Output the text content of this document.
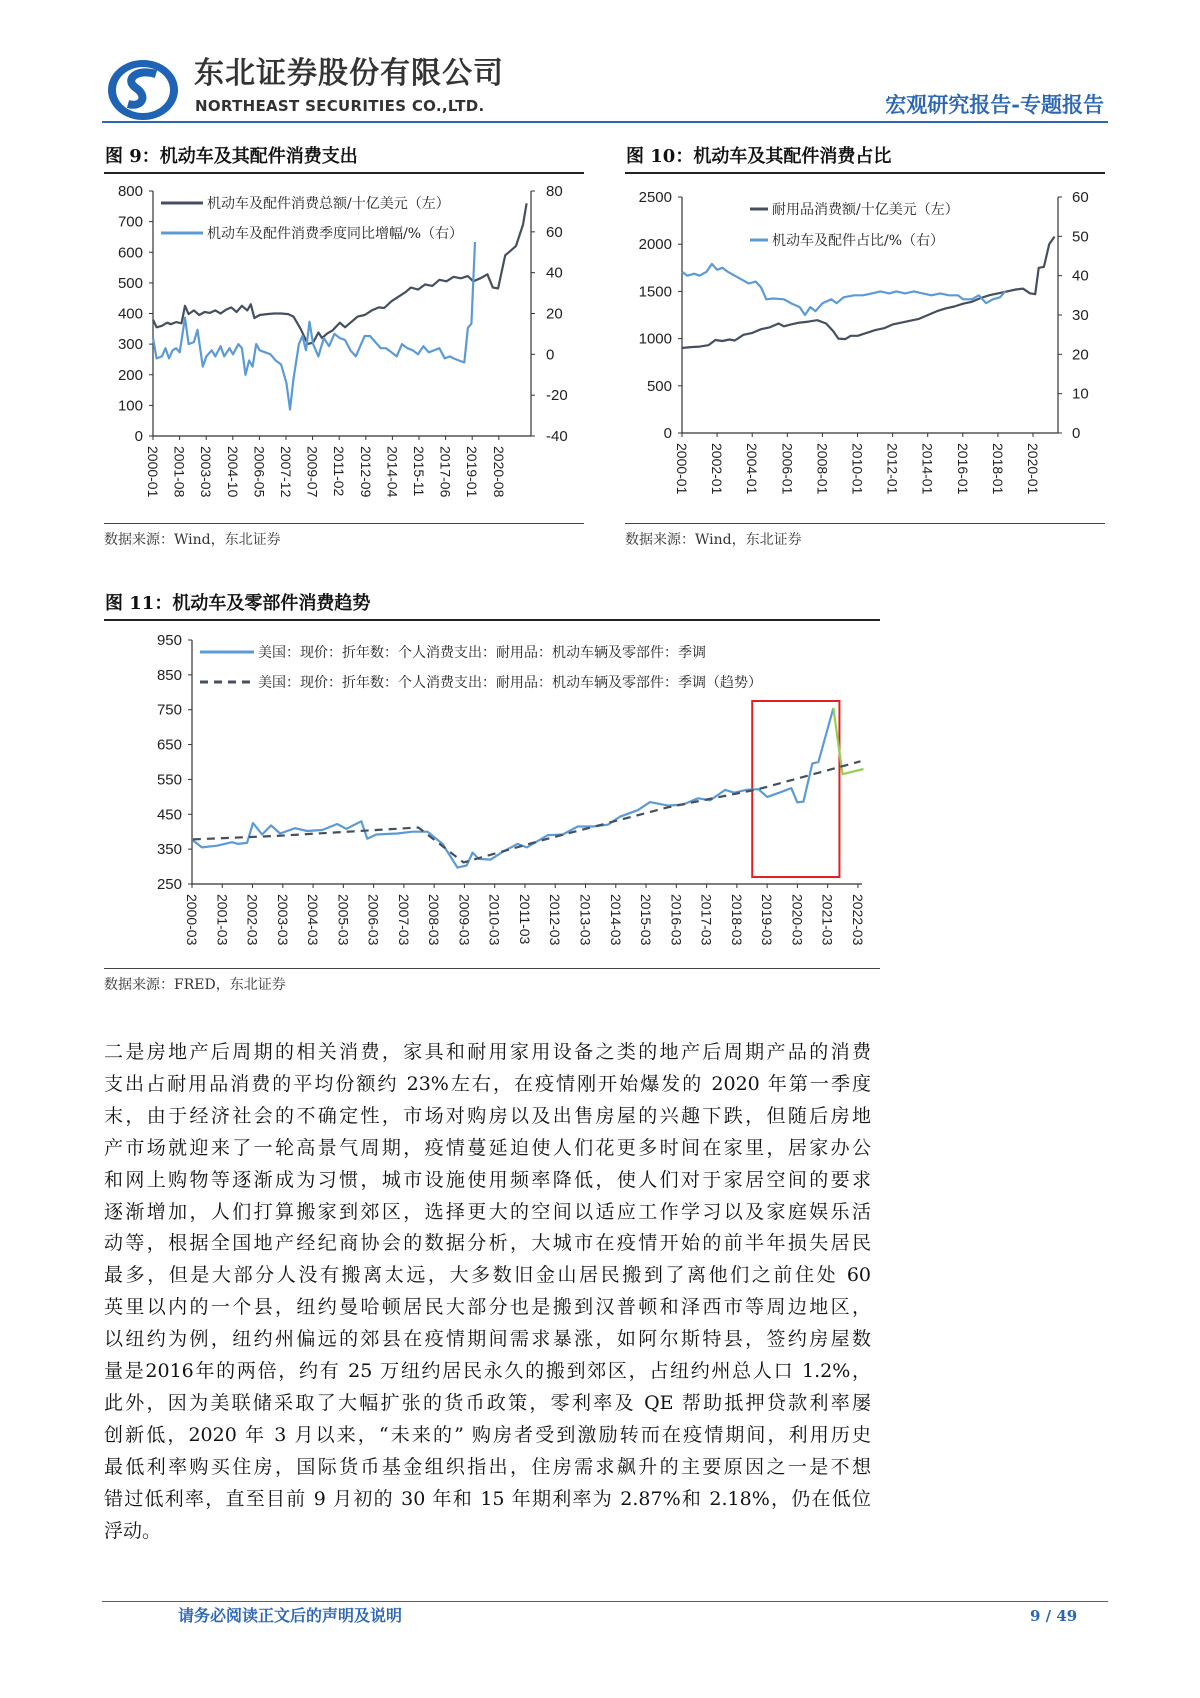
东北证券股份有限公司
NORTHEAST SECURITIES CO.,LTD.	宏观研究报告-专题报告
图 9：机动车及其配件消费支出
0
100
200
300
400
500
600
700
800
-40
-20
0
20
40
60
80
2000-01 2001-08 2003-03 2004-10 2006-05 2007-12 2009-07 2011-02 2012-09 2014-04 2015-11 2017-06 2019-01 2020-08
机动车及配件消费总额/十亿美元（左）
机动车及配件消费季度同比增幅/%（右）
数据来源：Wind，东北证券
图 10：机动车及其配件消费占比
0
500
1000
1500
2000
2500
0
10
20
30
40
50
60
2000-01 2002-01 2004-01 2006-01 2008-01 2010-01 2012-01 2014-01 2016-01 2018-01 2020-01
耐用品消费额/十亿美元（左）
机动车及配件占比/%（右）
数据来源：Wind，东北证券
图 11：机动车及零部件消费趋势
250
350
450
550
650
750
850
950
2000-03 2001-03 2002-03 2003-03 2004-03 2005-03 2006-03 2007-03 2008-03 2009-03 2010-03 2011-03 2012-03 2013-03 2014-03 2015-03 2016-03 2017-03 2018-03 2019-03 2020-03 2021-03 2022-03
美国：现价：折年数：个人消费支出：耐用品：机动车辆及零部件：季调
美国：现价：折年数：个人消费支出：耐用品：机动车辆及零部件：季调（趋势）
数据来源：FRED，东北证券
二是房地产后周期的相关消费，家具和耐用家用设备之类的地产后周期产品的消费
支出占耐用品消费的平均份额约 23%左右，在疫情刚开始爆发的 2020 年第一季度
末，由于经济社会的不确定性，市场对购房以及出售房屋的兴趣下跌，但随后房地
产市场就迎来了一轮高景气周期，疫情蔓延迫使人们花更多时间在家里，居家办公
和网上购物等逐渐成为习惯，城市设施使用频率降低，使人们对于家居空间的要求
逐渐增加，人们打算搬家到郊区，选择更大的空间以适应工作学习以及家庭娱乐活
动等，根据全国地产经纪商协会的数据分析，大城市在疫情开始的前半年损失居民
最多，但是大部分人没有搬离太远，大多数旧金山居民搬到了离他们之前住处 60
英里以内的一个县，纽约曼哈顿居民大部分也是搬到汉普顿和泽西市等周边地区，
以纽约为例，纽约州偏远的郊县在疫情期间需求暴涨，如阿尔斯特县，签约房屋数
量是2016年的两倍，约有 25 万纽约居民永久的搬到郊区，占纽约州总人口 1.2%，
此外，因为美联储采取了大幅扩张的货币政策，零利率及 QE 帮助抵押贷款利率屡
创新低，2020 年 3 月以来，“未来的” 购房者受到激励转而在疫情期间，利用历史
最低利率购买住房，国际货币基金组织指出，住房需求飙升的主要原因之一是不想
错过低利率，直至目前 9 月初的 30 年和 15 年期利率为 2.87%和 2.18%，仍在低位
浮动。
请务必阅读正文后的声明及说明	9 / 49
